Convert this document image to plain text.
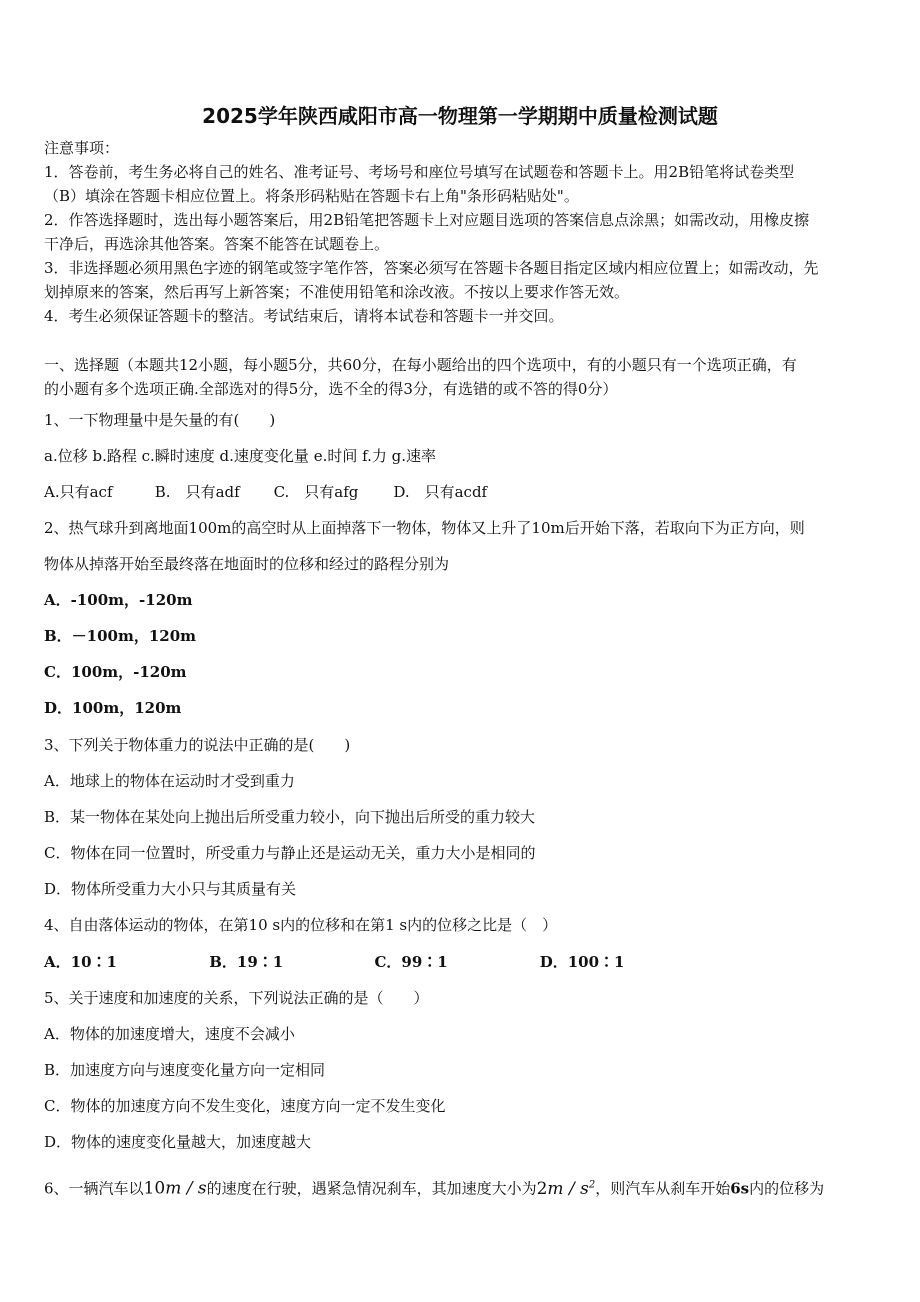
2025学年陕西咸阳市高一物理第一学期期中质量检测试题
注意事项：
1．答卷前，考生务必将自己的姓名、准考证号、考场号和座位号填写在试题卷和答题卡上。用2B铅笔将试卷类型
（B）填涂在答题卡相应位置上。将条形码粘贴在答题卡右上角"条形码粘贴处"。
2．作答选择题时，选出每小题答案后，用2B铅笔把答题卡上对应题目选项的答案信息点涂黑；如需改动，用橡皮擦
干净后，再选涂其他答案。答案不能答在试题卷上。
3．非选择题必须用黑色字迹的钢笔或签字笔作答，答案必须写在答题卡各题目指定区域内相应位置上；如需改动，先
划掉原来的答案，然后再写上新答案；不准使用铅笔和涂改液。不按以上要求作答无效。
4．考生必须保证答题卡的整洁。考试结束后，请将本试卷和答题卡一并交回。
一、选择题（本题共12小题，每小题5分，共60分，在每小题给出的四个选项中，有的小题只有一个选项正确，有
的小题有多个选项正确.全部选对的得5分，选不全的得3分，有选错的或不答的得0分）
1、一下物理量中是矢量的有(　　)
a.位移 b.路程 c.瞬时速度 d.速度变化量 e.时间 f.力 g.速率
A.只有acf	B.　只有adf C.　只有afg D.　只有acdf
2、热气球升到离地面100m的高空时从上面掉落下一物体，物体又上升了10m后开始下落，若取向下为正方向，则
物体从掉落开始至最终落在地面时的位移和经过的路程分别为
A．-100m，-120m
B．－100m，120m
C．100m，-120m
D．100m，120m
3、下列关于物体重力的说法中正确的是(　　)
A．地球上的物体在运动时才受到重力
B．某一物体在某处向上抛出后所受重力较小，向下抛出后所受的重力较大
C．物体在同一位置时，所受重力与静止还是运动无关，重力大小是相同的
D．物体所受重力大小只与其质量有关
4、自由落体运动的物体，在第10 s内的位移和在第1 s内的位移之比是（　）
A．10∶1	B．19∶1	C．99∶1	D．100∶1
5、关于速度和加速度的关系，下列说法正确的是（　　）
A．物体的加速度增大，速度不会减小
B．加速度方向与速度变化量方向一定相同
C．物体的加速度方向不发生变化，速度方向一定不发生变化
D．物体的速度变化量越大，加速度越大
6、一辆汽车以10m / s的速度在行驶，遇紧急情况刹车，其加速度大小为$2m / s^2$，则汽车从刹车开始6s内的位移为
